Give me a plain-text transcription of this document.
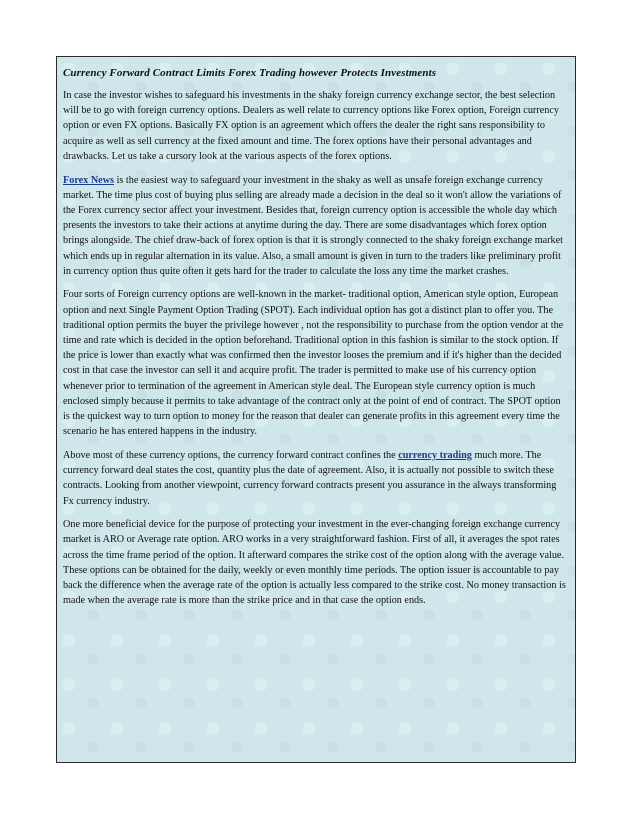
Currency Forward Contract Limits Forex Trading however Protects Investments

In case the investor wishes to safeguard his investments in the shaky foreign currency exchange sector, the best selection will be to go with foreign currency options. Dealers as well relate to currency options like Forex option, Foreign currency option or even FX options. Basically FX option is an agreement which offers the dealer the right sans responsibility to acquire as well as sell currency at the fixed amount and time. The forex options have their personal advantages and drawbacks. Let us take a cursory look at the various aspects of the forex options.

Forex News is the easiest way to safeguard your investment in the shaky as well as unsafe foreign exchange currency market. The time plus cost of buying plus selling are already made a decision in the deal so it won't allow the variations of the Forex currency sector affect your investment. Besides that, foreign currency option is accessible the whole day which presents the investors to take their actions at anytime during the day. There are some disadvantages which forex option brings alongside. The chief draw-back of forex option is that it is strongly connected to the shaky foreign exchange market which ends up in regular alternation in its value. Also, a small amount is given in turn to the traders like preliminary profit in currency option thus quite often it gets hard for the trader to calculate the loss any time the market crashes.

Four sorts of Foreign currency options are well-known in the market- traditional option, American style option, European option and next Single Payment Option Trading (SPOT). Each individual option has got a distinct plan to offer you. The traditional option permits the buyer the privilege however , not the responsibility to purchase from the option vendor at the time and rate which is decided in the option beforehand. Traditional option in this fashion is similar to the stock option. If the price is lower than exactly what was confirmed then the investor looses the premium and if it's higher than the decided cost in that case the investor can sell it and acquire profit. The trader is permitted to make use of his currency option whenever prior to termination of the agreement in American style deal. The European style currency option is much enclosed simply because it permits to take advantage of the contract only at the point of end of contract. The SPOT option is the quickest way to turn option to money for the reason that dealer can generate profits in this agreement every time the scenario he has entered happens in the industry.

Above most of these currency options, the currency forward contract confines the currency trading much more. The currency forward deal states the cost, quantity plus the date of agreement. Also, it is actually not possible to switch these contracts. Looking from another viewpoint, currency forward contracts present you assurance in the always transforming Fx currency industry.

One more beneficial device for the purpose of protecting your investment in the ever-changing foreign exchange currency market is ARO or Average rate option. ARO works in a very straightforward fashion. First of all, it averages the spot rates across the time frame period of the option. It afterward compares the strike cost of the option along with the average value. These options can be obtained for the daily, weekly or even monthly time periods. The option issuer is accountable to pay back the difference when the average rate of the option is actually less compared to the strike cost. No money transaction is made when the average rate is more than the strike price and in that case the option ends.
